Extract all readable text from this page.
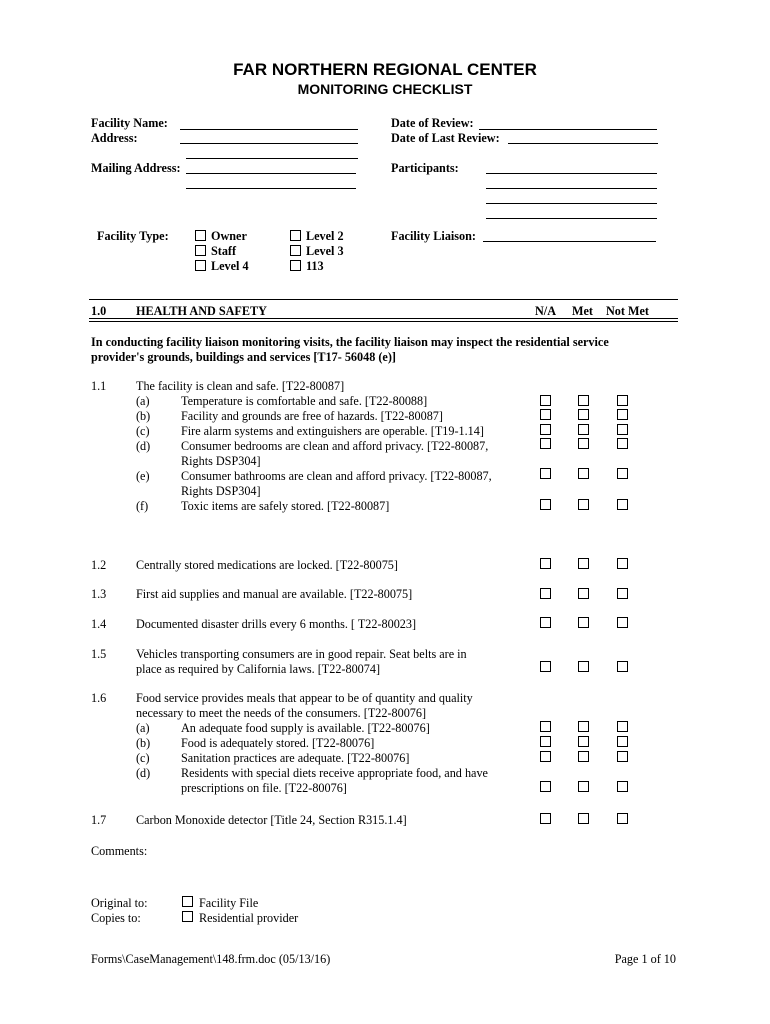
FAR NORTHERN REGIONAL CENTER
MONITORING CHECKLIST
Facility Name:
Address:
Mailing Address:
Date of Review:
Date of Last Review:
Participants:
Facility Type:	Owner
Staff
Level 4
Level 2
Level 3
113
Facility Liaison:
1.0 HEALTH AND SAFETY	N/A Met Not Met
In conducting facility liaison monitoring visits, the facility liaison may inspect the residential service
provider's grounds, buildings and services [T17- 56048 (e)]
1.1 The facility is clean and safe. [T22-80087]
(a)	Temperature is comfortable and safe. [T22-80088]
(b)	Facility and grounds are free of hazards. [T22-80087]
(c)	Fire alarm systems and extinguishers are operable. [T19-1.14]
(d)	Consumer bedrooms are clean and afford privacy. [T22-80087,
Rights DSP304]
(e)	Consumer bathrooms are clean and afford privacy. [T22-80087,
Rights DSP304]
(f)	Toxic items are safely stored. [T22-80087]
1.2 Centrally stored medications are locked. [T22-80075]
1.3 First aid supplies and manual are available. [T22-80075]
1.4 Documented disaster drills every 6 months. [ T22-80023]
1.5 Vehicles transporting consumers are in good repair. Seat belts are in
place as required by California laws. [T22-80074]
1.6 Food service provides meals that appear to be of quantity and quality
necessary to meet the needs of the consumers. [T22-80076]
(a)	An adequate food supply is available. [T22-80076]
(b)	Food is adequately stored. [T22-80076]
(c)	Sanitation practices are adequate. [T22-80076]
(d)	Residents with special diets receive appropriate food, and have
prescriptions on file. [T22-80076]
1.7 Carbon Monoxide detector [Title 24, Section R315.1.4]
Comments:
Original to:
Copies to:
Facility File
Residential provider
Forms\CaseManagement\148.frm.doc (05/13/16)	Page 1 of 10
